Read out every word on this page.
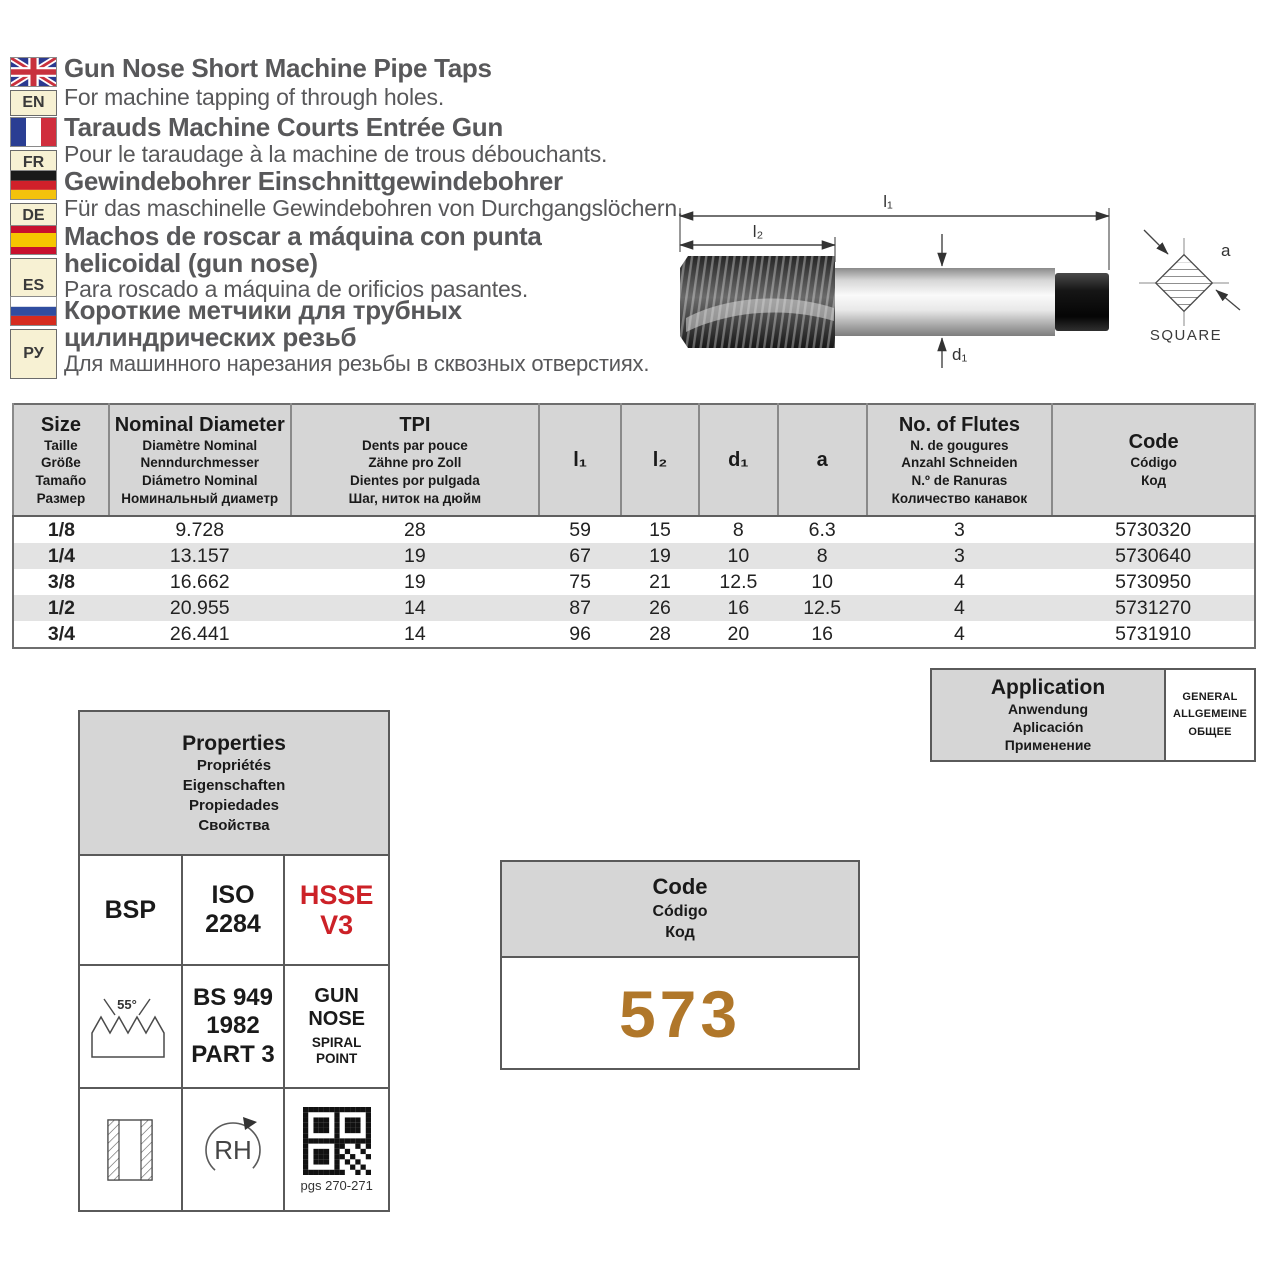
EN
Gun Nose Short Machine Pipe Taps
For machine tapping of through holes.
FR
Tarauds Machine Courts Entrée Gun
Pour le taraudage à la machine de trous débouchants.
DE
Gewindebohrer Einschnittgewindebohrer
Für das maschinelle Gewindebohren von Durchgangslöchern.
ES
Machos de roscar a máquina con punta
helicoidal (gun nose)
Para roscado a máquina de orificios pasantes.
РУ
Короткие метчики для трубных
цилиндрических резьб
Для машинного нарезания резьбы в сквозных отверстиях.
l₁
l₂
d₁
a
SQUARE
Size
Taille
Größe
Tamaño
Размер

Nominal Diameter
Diamètre Nominal
Nenndurchmesser
Diámetro Nominal
Номинальный диаметр

TPI
Dents par pouce
Zähne pro Zoll
Dientes por pulgada
Шаг, ниток на дюйм

l₁	l₂	d₁	a

No. of Flutes
N. de gougures
Anzahl Schneiden
N.º de Ranuras
Количество канавок

Code
Código
Код

1/8	9.728	28	59	15	8	6.3	3	5730320
1/4	13.157	19	67	19	10	8	3	5730640
3/8	16.662	19	75	21	12.5	10	4	5730950
1/2	20.955	14	87	26	16	12.5	4	5731270
3/4	26.441	14	96	28	20	16	4	5731910
Application
Anwendung
Aplicación
Применение
GENERAL
ALLGEMEINE
ОБЩЕЕ
Properties
Propriétés
Eigenschaften
Propiedades
Свойства
BSP
ISO
2284
HSSE
V3
55° BS 949
1982
PART 3
GUN
NOSE
SPIRAL
POINT
RH
pgs 270-271
Code
Código
Код
573
